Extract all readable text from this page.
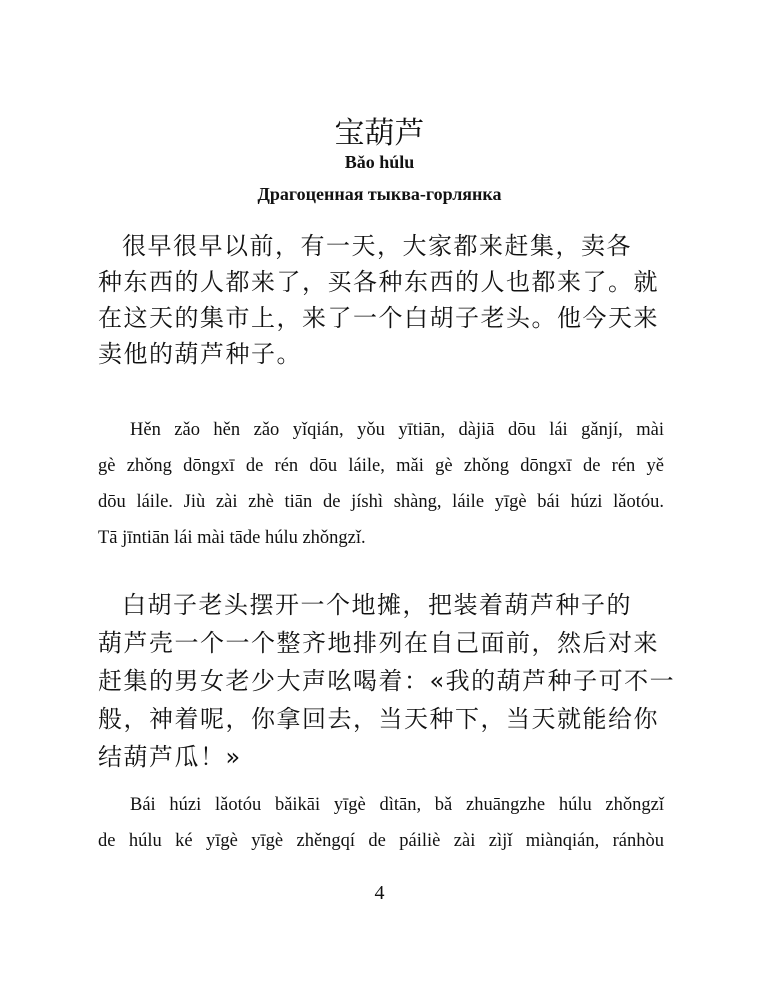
宝葫芦
Bǎo húlu
Драгоценная тыква-горлянка
很早很早以前，有一天，大家都来赶集，卖各
种东西的人都来了，买各种东西的人也都来了。就
在这天的集市上，来了一个白胡子老头。他今天来
卖他的葫芦种子。
Hěn zǎo hěn zǎo yǐqián, yǒu yītiān, dàjiā dōu lái gǎnjí, mài
gè zhǒng dōngxī de rén dōu láile, mǎi gè zhǒng dōngxī de rén yě
dōu láile. Jiù zài zhè tiān de jíshì shàng, láile yīgè bái húzi lǎotóu.
Tā jīntiān lái mài tāde húlu zhǒngzǐ.
白胡子老头摆开一个地摊，把装着葫芦种子的
葫芦壳一个一个整齐地排列在自己面前，然后对来
赶集的男女老少大声吆喝着：«我的葫芦种子可不一
般，神着呢，你拿回去，当天种下，当天就能给你
结葫芦瓜！»
Bái húzi lǎotóu bǎikāi yīgè dìtān, bǎ zhuāngzhe húlu zhǒngzǐ
de húlu ké yīgè yīgè zhěngqí de páiliè zài zìjǐ miànqián, ránhòu
4
